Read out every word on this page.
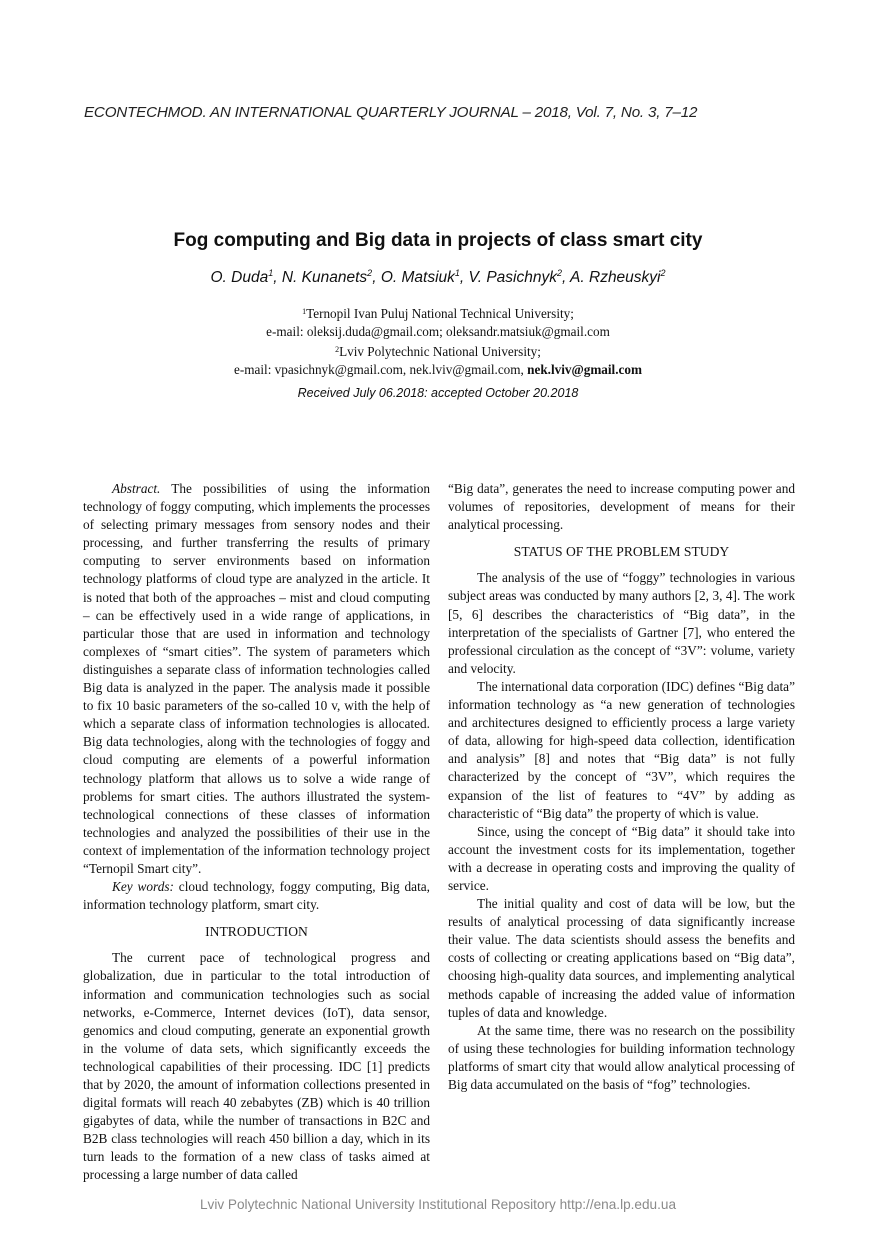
ECONTECHMOD. AN INTERNATIONAL QUARTERLY JOURNAL – 2018, Vol. 7, No. 3, 7–12
Fog computing and Big data in projects of class smart city
O. Duda$^1$, N. Kunanets$^2$, O. Matsiuk$^1$, V. Pasichnyk$^2$, A. Rzheuskyi$^2$
$^1$Ternopil Ivan Puluj National Technical University;
e-mail: oleksij.duda@gmail.com; oleksandr.matsiuk@gmail.com
$^2$Lviv Polytechnic National University;
e-mail: vpasichnyk@gmail.com, nek.lviv@gmail.com, nek.lviv@gmail.com
Received July 06.2018: accepted October 20.2018

Abstract. The possibilities of using the information technology of foggy computing, which implements the processes of selecting primary messages from sensory nodes and their processing, and further transferring the results of primary computing to server environments based on information technology platforms of cloud type are analyzed in the article. It is noted that both of the approaches – mist and cloud computing – can be effectively used in a wide range of applications, in particular those that are used in information and technology complexes of “smart cities”. The system of parameters which distinguishes a separate class of information technologies called Big data is analyzed in the paper. The analysis made it possible to fix 10 basic parameters of the so-called 10 v, with the help of which a separate class of information technologies is allocated. Big data technologies, along with the technologies of foggy and cloud computing are elements of a powerful information technology platform that allows us to solve a wide range of problems for smart cities. The authors illustrated the system-technological connections of these classes of information technologies and analyzed the possibilities of their use in the context of implementation of the information technology project “Ternopil Smart city”.

Key words: cloud technology, foggy computing, Big data, information technology platform, smart city.

INTRODUCTION

The current pace of technological progress and globalization, due in particular to the total introduction of information and communication technologies such as social networks, e-Commerce, Internet devices (IoT), data sensor, genomics and cloud computing, generate an exponential growth in the volume of data sets, which significantly exceeds the technological capabilities of their processing. IDC [1] predicts that by 2020, the amount of information collections presented in digital formats will reach 40 zebabytes (ZB) which is 40 trillion gigabytes of data, while the number of transactions in B2C and B2B class technologies will reach 450 billion a day, which in its turn leads to the formation of a new class of tasks aimed at processing a large number of data called

“Big data”, generates the need to increase computing power and volumes of repositories, development of means for their analytical processing.

STATUS OF THE PROBLEM STUDY

The analysis of the use of “foggy” technologies in various subject areas was conducted by many authors [2, 3, 4]. The work [5, 6] describes the characteristics of “Big data”, in the interpretation of the specialists of Gartner [7], who entered the professional circulation as the concept of “3V”: volume, variety and velocity.

The international data corporation (IDC) defines “Big data” information technology as “a new generation of technologies and architectures designed to efficiently process a large variety of data, allowing for high-speed data collection, identification and analysis” [8] and notes that “Big data” is not fully characterized by the concept of “3V”, which requires the expansion of the list of features to “4V” by adding as characteristic of “Big data” the property of which is value.

Since, using the concept of “Big data” it should take into account the investment costs for its implementation, together with a decrease in operating costs and improving the quality of service.

The initial quality and cost of data will be low, but the results of analytical processing of data significantly increase their value. The data scientists should assess the benefits and costs of collecting or creating applications based on “Big data”, choosing high-quality data sources, and implementing analytical methods capable of increasing the added value of information tuples of data and knowledge.

At the same time, there was no research on the possibility of using these technologies for building information technology platforms of smart city that would allow analytical processing of Big data accumulated on the basis of “fog” technologies.

Lviv Polytechnic National University Institutional Repository http://ena.lp.edu.ua
